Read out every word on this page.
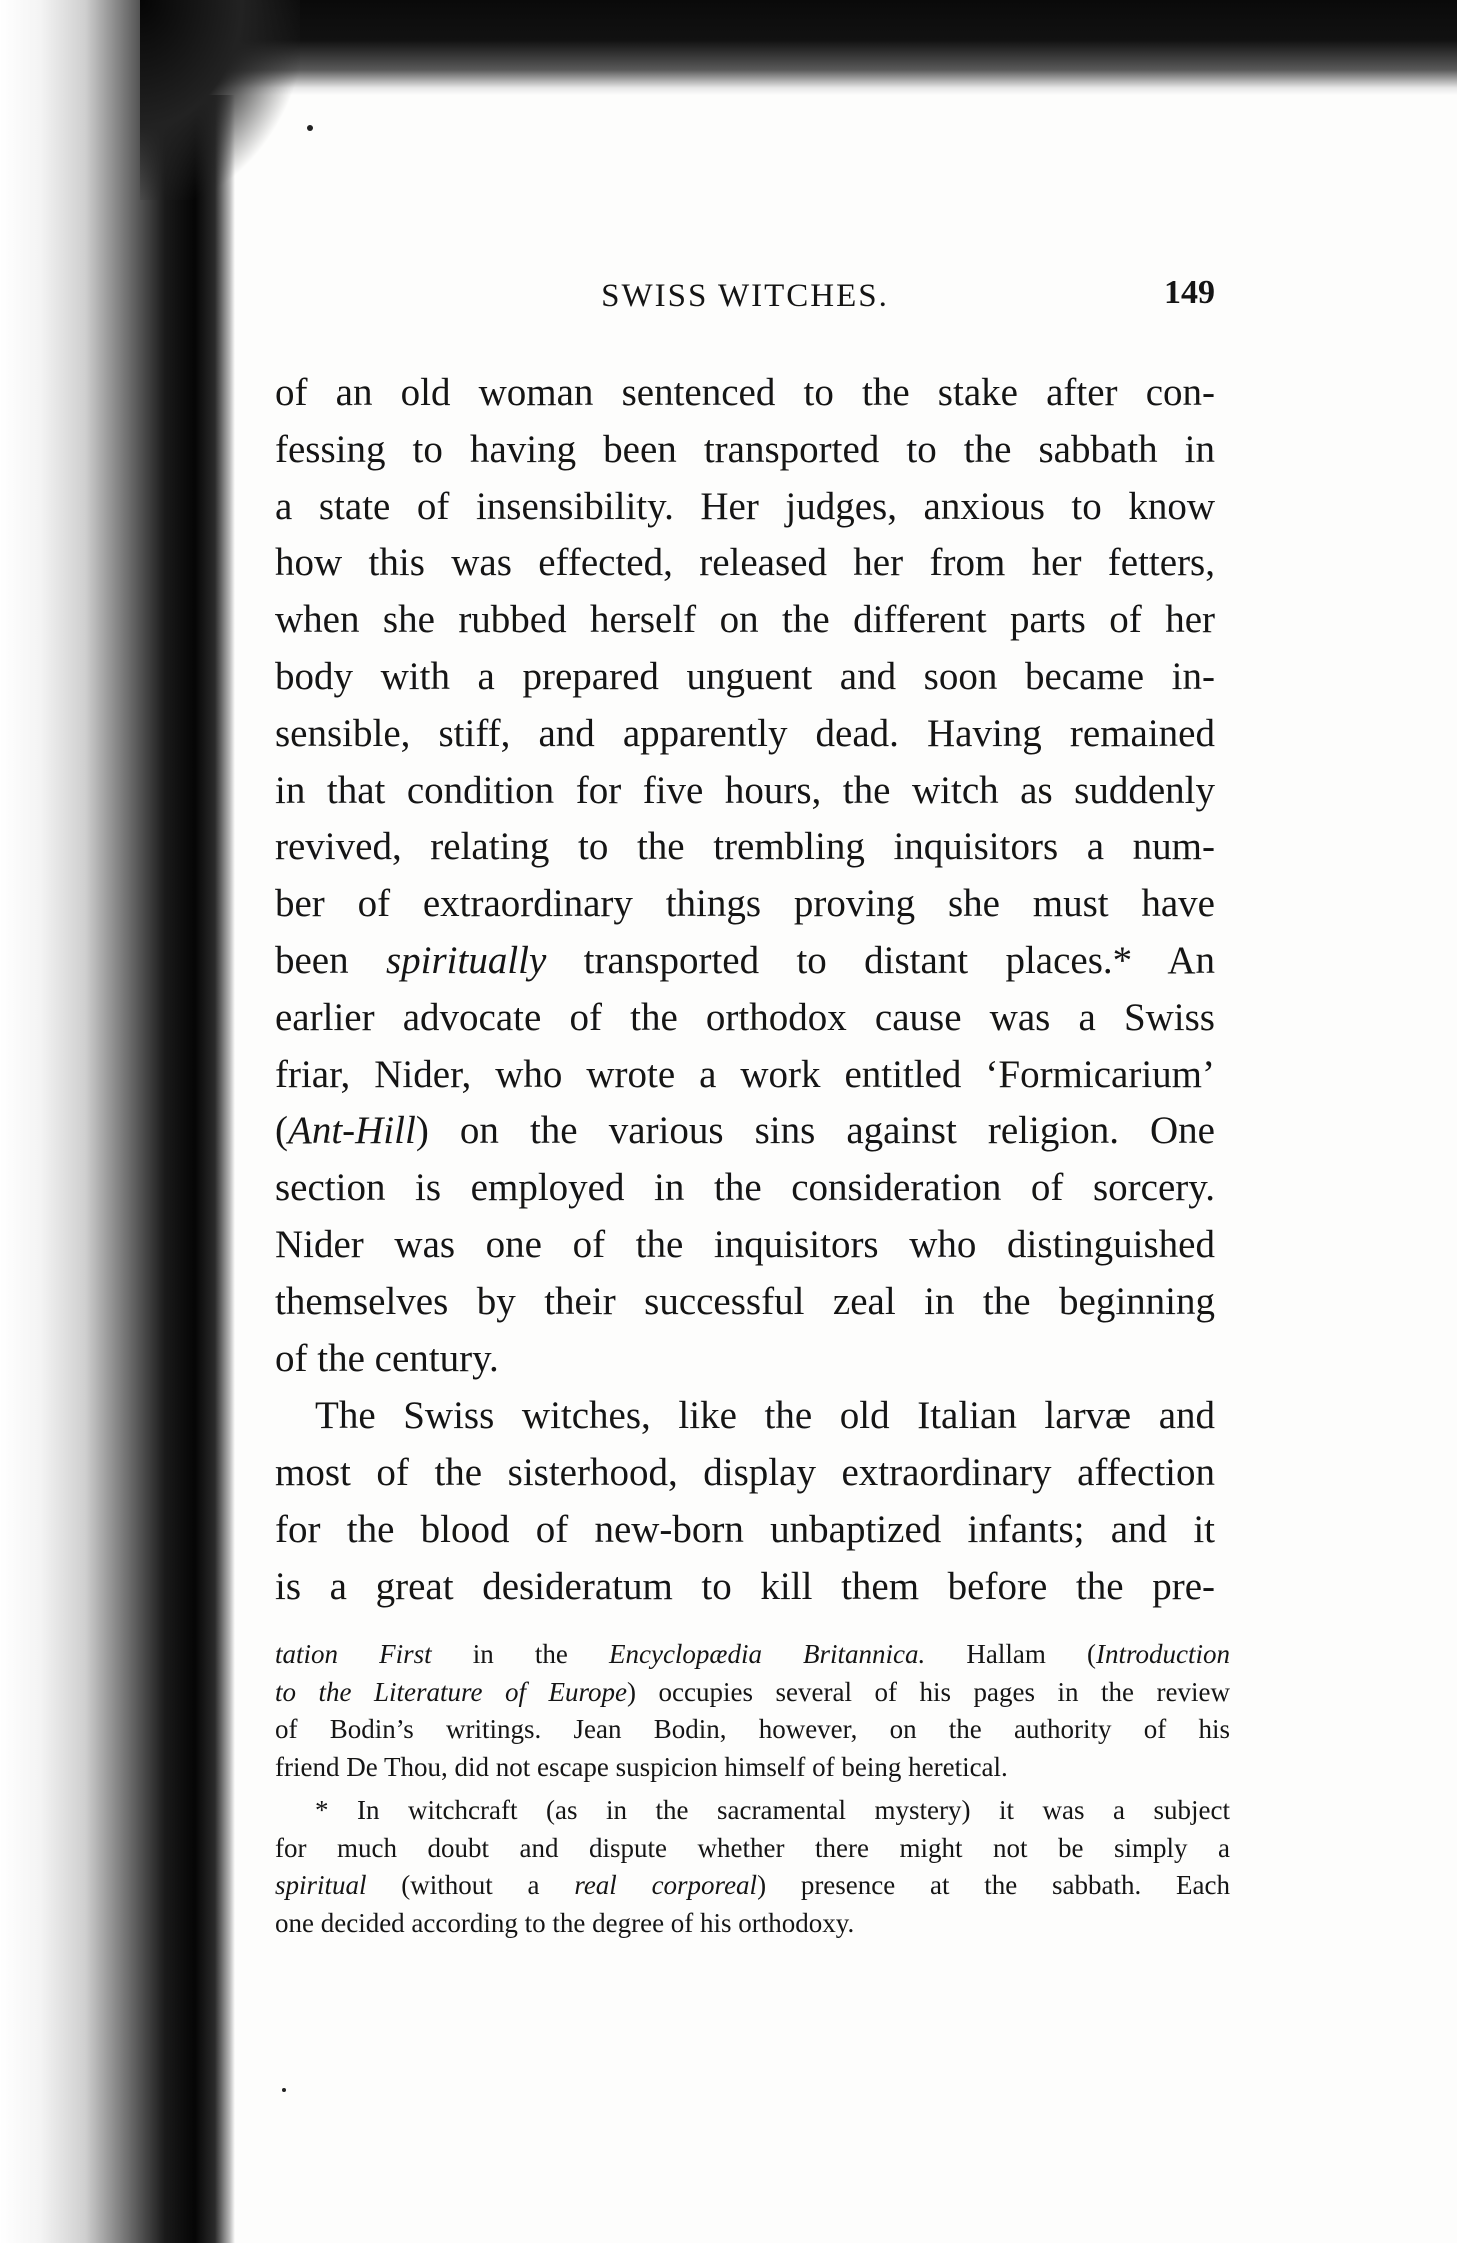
SWISS WITCHES.	149
of an old woman sentenced to the stake after con-
fessing to having been transported to the sabbath in
a state of insensibility. Her judges, anxious to know
how this was effected, released her from her fetters,
when she rubbed herself on the different parts of her
body with a prepared unguent and soon became in-
sensible, stiff, and apparently dead. Having remained
in that condition for five hours, the witch as suddenly
revived, relating to the trembling inquisitors a num-
ber of extraordinary things proving she must have
been spiritually transported to distant places.* An
earlier advocate of the orthodox cause was a Swiss
friar, Nider, who wrote a work entitled ‘Formicarium’
(Ant-Hill) on the various sins against religion. One
section is employed in the consideration of sorcery.
Nider was one of the inquisitors who distinguished
themselves by their successful zeal in the beginning
of the century.
The Swiss witches, like the old Italian larvæ and
most of the sisterhood, display extraordinary affection
for the blood of new-born unbaptized infants; and it
is a great desideratum to kill them before the pre-
tation First in the Encyclopædia Britannica. Hallam (Introduction
to the Literature of Europe) occupies several of his pages in the review
of Bodin’s writings. Jean Bodin, however, on the authority of his
friend De Thou, did not escape suspicion himself of being heretical.
* In witchcraft (as in the sacramental mystery) it was a subject
for much doubt and dispute whether there might not be simply a
spiritual (without a real corporeal) presence at the sabbath. Each
one decided according to the degree of his orthodoxy.
